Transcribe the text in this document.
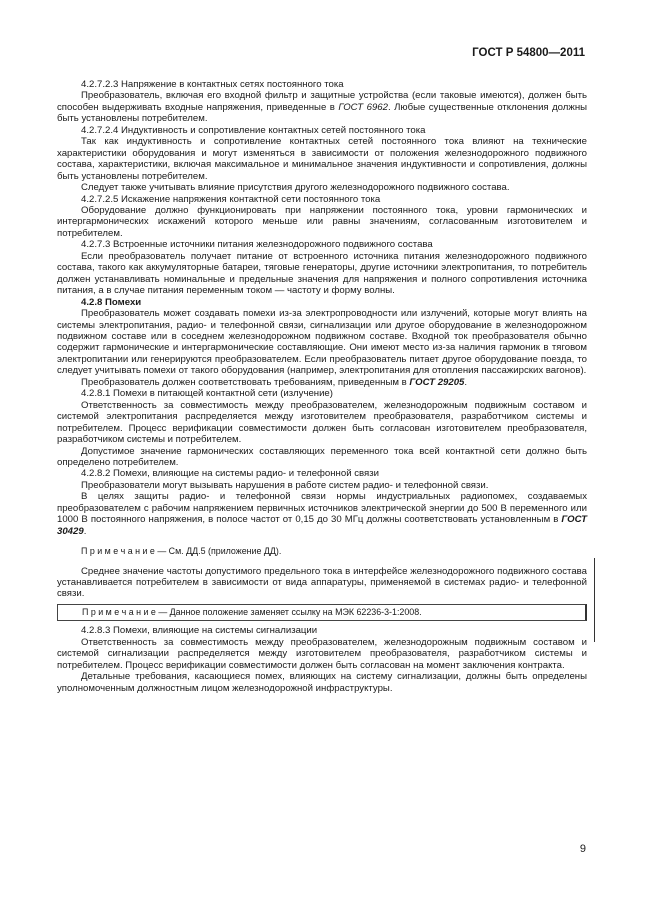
ГОСТ Р 54800—2011

4.2.7.2.3 Напряжение в контактных сетях постоянного тока

Преобразователь, включая его входной фильтр и защитные устройства (если таковые имеются), должен быть способен выдерживать входные напряжения, приведенные в ГОСТ 6962. Любые существенные отклонения должны быть установлены потребителем.

4.2.7.2.4 Индуктивность и сопротивление контактных сетей постоянного тока

Так как индуктивность и сопротивление контактных сетей постоянного тока влияют на технические характеристики оборудования и могут изменяться в зависимости от положения железнодорожного подвижного состава, характеристики, включая максимальное и минимальное значения индуктивности и сопротивления, должны быть установлены потребителем.

Следует также учитывать влияние присутствия другого железнодорожного подвижного состава.

4.2.7.2.5 Искажение напряжения контактной сети постоянного тока

Оборудование должно функционировать при напряжении постоянного тока, уровни гармонических и интергармонических искажений которого меньше или равны значениям, согласованным изготовителем и потребителем.

4.2.7.3 Встроенные источники питания железнодорожного подвижного состава

Если преобразователь получает питание от встроенного источника питания железнодорожного подвижного состава, такого как аккумуляторные батареи, тяговые генераторы, другие источники электропитания, то потребитель должен устанавливать номинальные и предельные значения для напряжения и полного сопротивления источника питания, а в случае питания переменным током — частоту и форму волны.

4.2.8 Помехи

Преобразователь может создавать помехи из-за электропроводности или излучений, которые могут влиять на системы электропитания, радио- и телефонной связи, сигнализации или другое оборудование в железнодорожном подвижном составе или в соседнем железнодорожном подвижном составе. Входной ток преобразователя обычно содержит гармонические и интергармонические составляющие. Они имеют место из-за наличия гармоник в тяговом электропитании или генерируются преобразователем. Если преобразователь питает другое оборудование поезда, то следует учитывать помехи от такого оборудования (например, электропитания для отопления пассажирских вагонов).

Преобразователь должен соответствовать требованиям, приведенным в ГОСТ 29205.

4.2.8.1 Помехи в питающей контактной сети (излучение)

Ответственность за совместимость между преобразователем, железнодорожным подвижным составом и системой электропитания распределяется между изготовителем преобразователя, разработчиком системы и потребителем. Процесс верификации совместимости должен быть согласован изготовителем преобразователя, разработчиком системы и потребителем.

Допустимое значение гармонических составляющих переменного тока всей контактной сети должно быть определено потребителем.

4.2.8.2 Помехи, влияющие на системы радио- и телефонной связи

Преобразователи могут вызывать нарушения в работе систем радио- и телефонной связи.

В целях защиты радио- и телефонной связи нормы индустриальных радиопомех, создаваемых преобразователем с рабочим напряжением первичных источников электрической энергии до 500 В переменного или 1000 В постоянного напряжения, в полосе частот от 0,15 до 30 МГц должны соответствовать установленным в ГОСТ 30429.

П р и м е ч а н и е — См. ДД.5 (приложение ДД).

Среднее значение частоты допустимого предельного тока в интерфейсе железнодорожного подвижного состава устанавливается потребителем в зависимости от вида аппаратуры, применяемой в системах радио- и телефонной связи.

П р и м е ч а н и е — Данное положение заменяет ссылку на МЭК 62236-3-1:2008.

4.2.8.3 Помехи, влияющие на системы сигнализации

Ответственность за совместимость между преобразователем, железнодорожным подвижным составом и системой сигнализации распределяется между изготовителем преобразователя, разработчиком системы и потребителем. Процесс верификации совместимости должен быть согласован на момент заключения контракта.

Детальные требования, касающиеся помех, влияющих на систему сигнализации, должны быть определены уполномоченным должностным лицом железнодорожной инфраструктуры.

9
